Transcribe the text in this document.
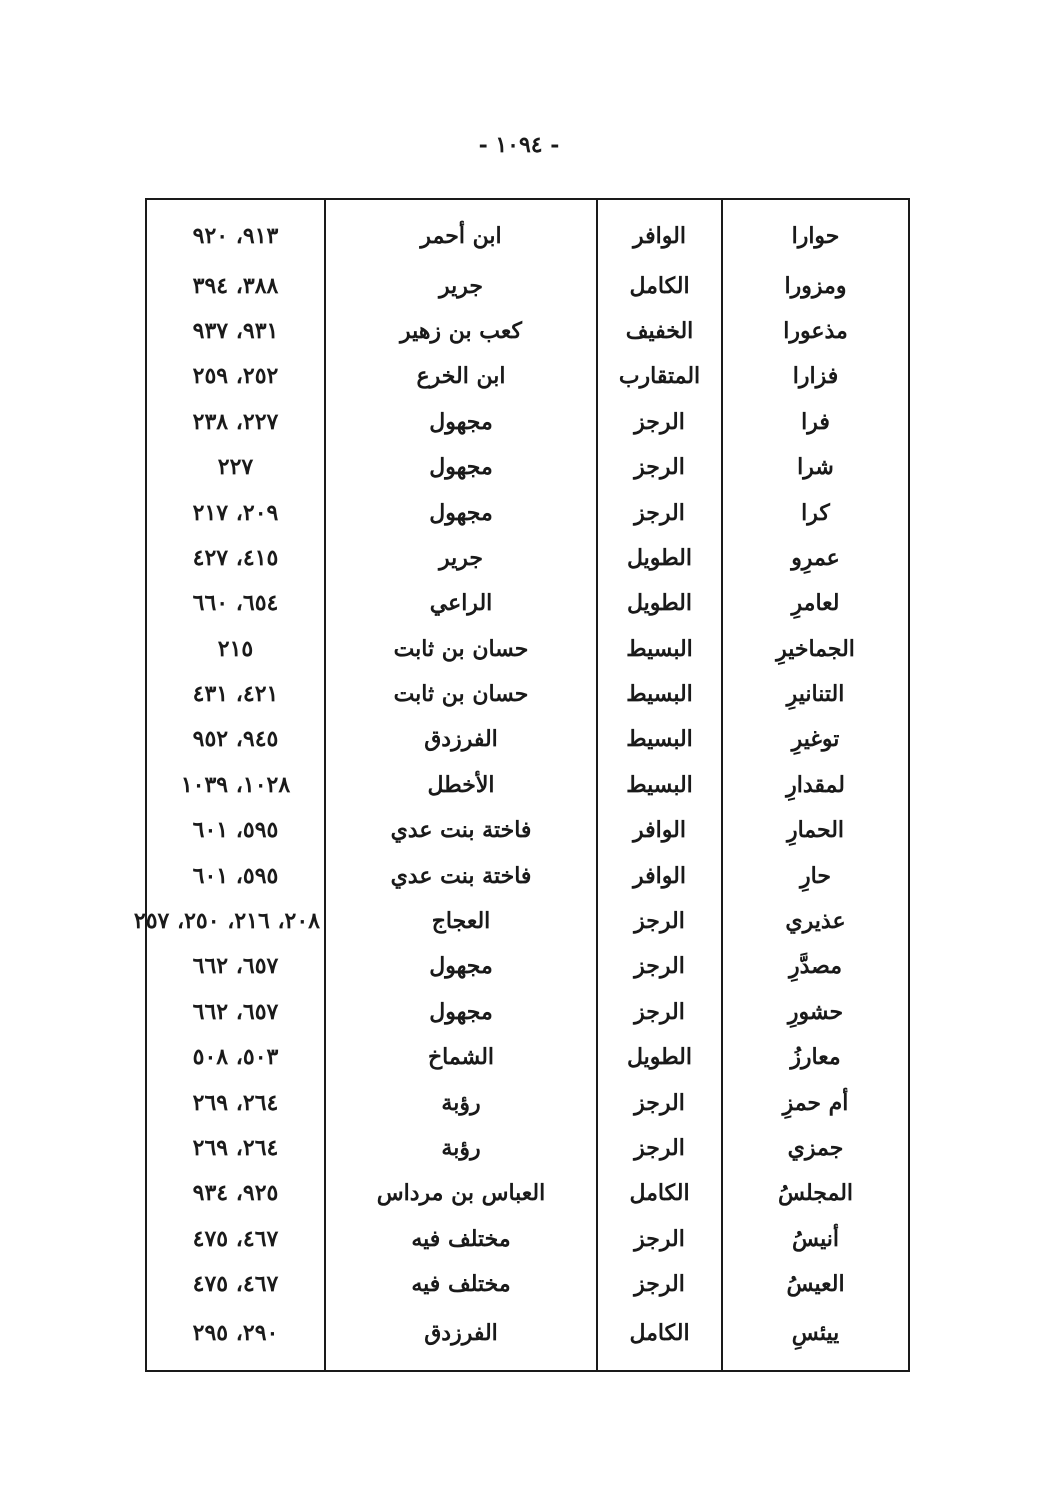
- ١٠٩٤ -
حوارا	الوافر	ابن أحمر	٩١٣، ٩٢٠
ومزورا	الكامل	جرير	٣٨٨، ٣٩٤
مذعورا	الخفيف	كعب بن زهير	٩٣١، ٩٣٧
فزارا	المتقارب	ابن الخرع	٢٥٢، ٢٥٩
فرا	الرجز	مجهول	٢٢٧، ٢٣٨
شرا	الرجز	مجهول	٢٢٧
كرا	الرجز	مجهول	٢٠٩، ٢١٧
عمرِو	الطويل	جرير	٤١٥، ٤٢٧
لعامرِ	الطويل	الراعي	٦٥٤، ٦٦٠
الجماخيرِ	البسيط	حسان بن ثابت	٢١٥
التنانيرِ	البسيط	حسان بن ثابت	٤٢١، ٤٣١
توغيرِ	البسيط	الفرزدق	٩٤٥، ٩٥٢
لمقدارِ	البسيط	الأخطل	١٠٢٨، ١٠٣٩
الحمارِ	الوافر	فاختة بنت عدي	٥٩٥، ٦٠١
حارِ	الوافر	فاختة بنت عدي	٥٩٥، ٦٠١
عذيري	الرجز	العجاج	٢٠٨، ٢١٦، ٢٥٠، ٢٥٧
مصدَّرِ	الرجز	مجهول	٦٥٧، ٦٦٢
حشورِ	الرجز	مجهول	٦٥٧، ٦٦٢
معارزُ	الطويل	الشماخ	٥٠٣، ٥٠٨
أم حمزِ	الرجز	رؤبة	٢٦٤، ٢٦٩
جمزي	الرجز	رؤبة	٢٦٤، ٢٦٩
المجلسُ	الكامل	العباس بن مرداس	٩٢٥، ٩٣٤
أنيسُ	الرجز	مختلف فيه	٤٦٧، ٤٧٥
العيسُ	الرجز	مختلف فيه	٤٦٧، ٤٧٥
ييئسِ	الكامل	الفرزدق	٢٩٠، ٢٩٥
